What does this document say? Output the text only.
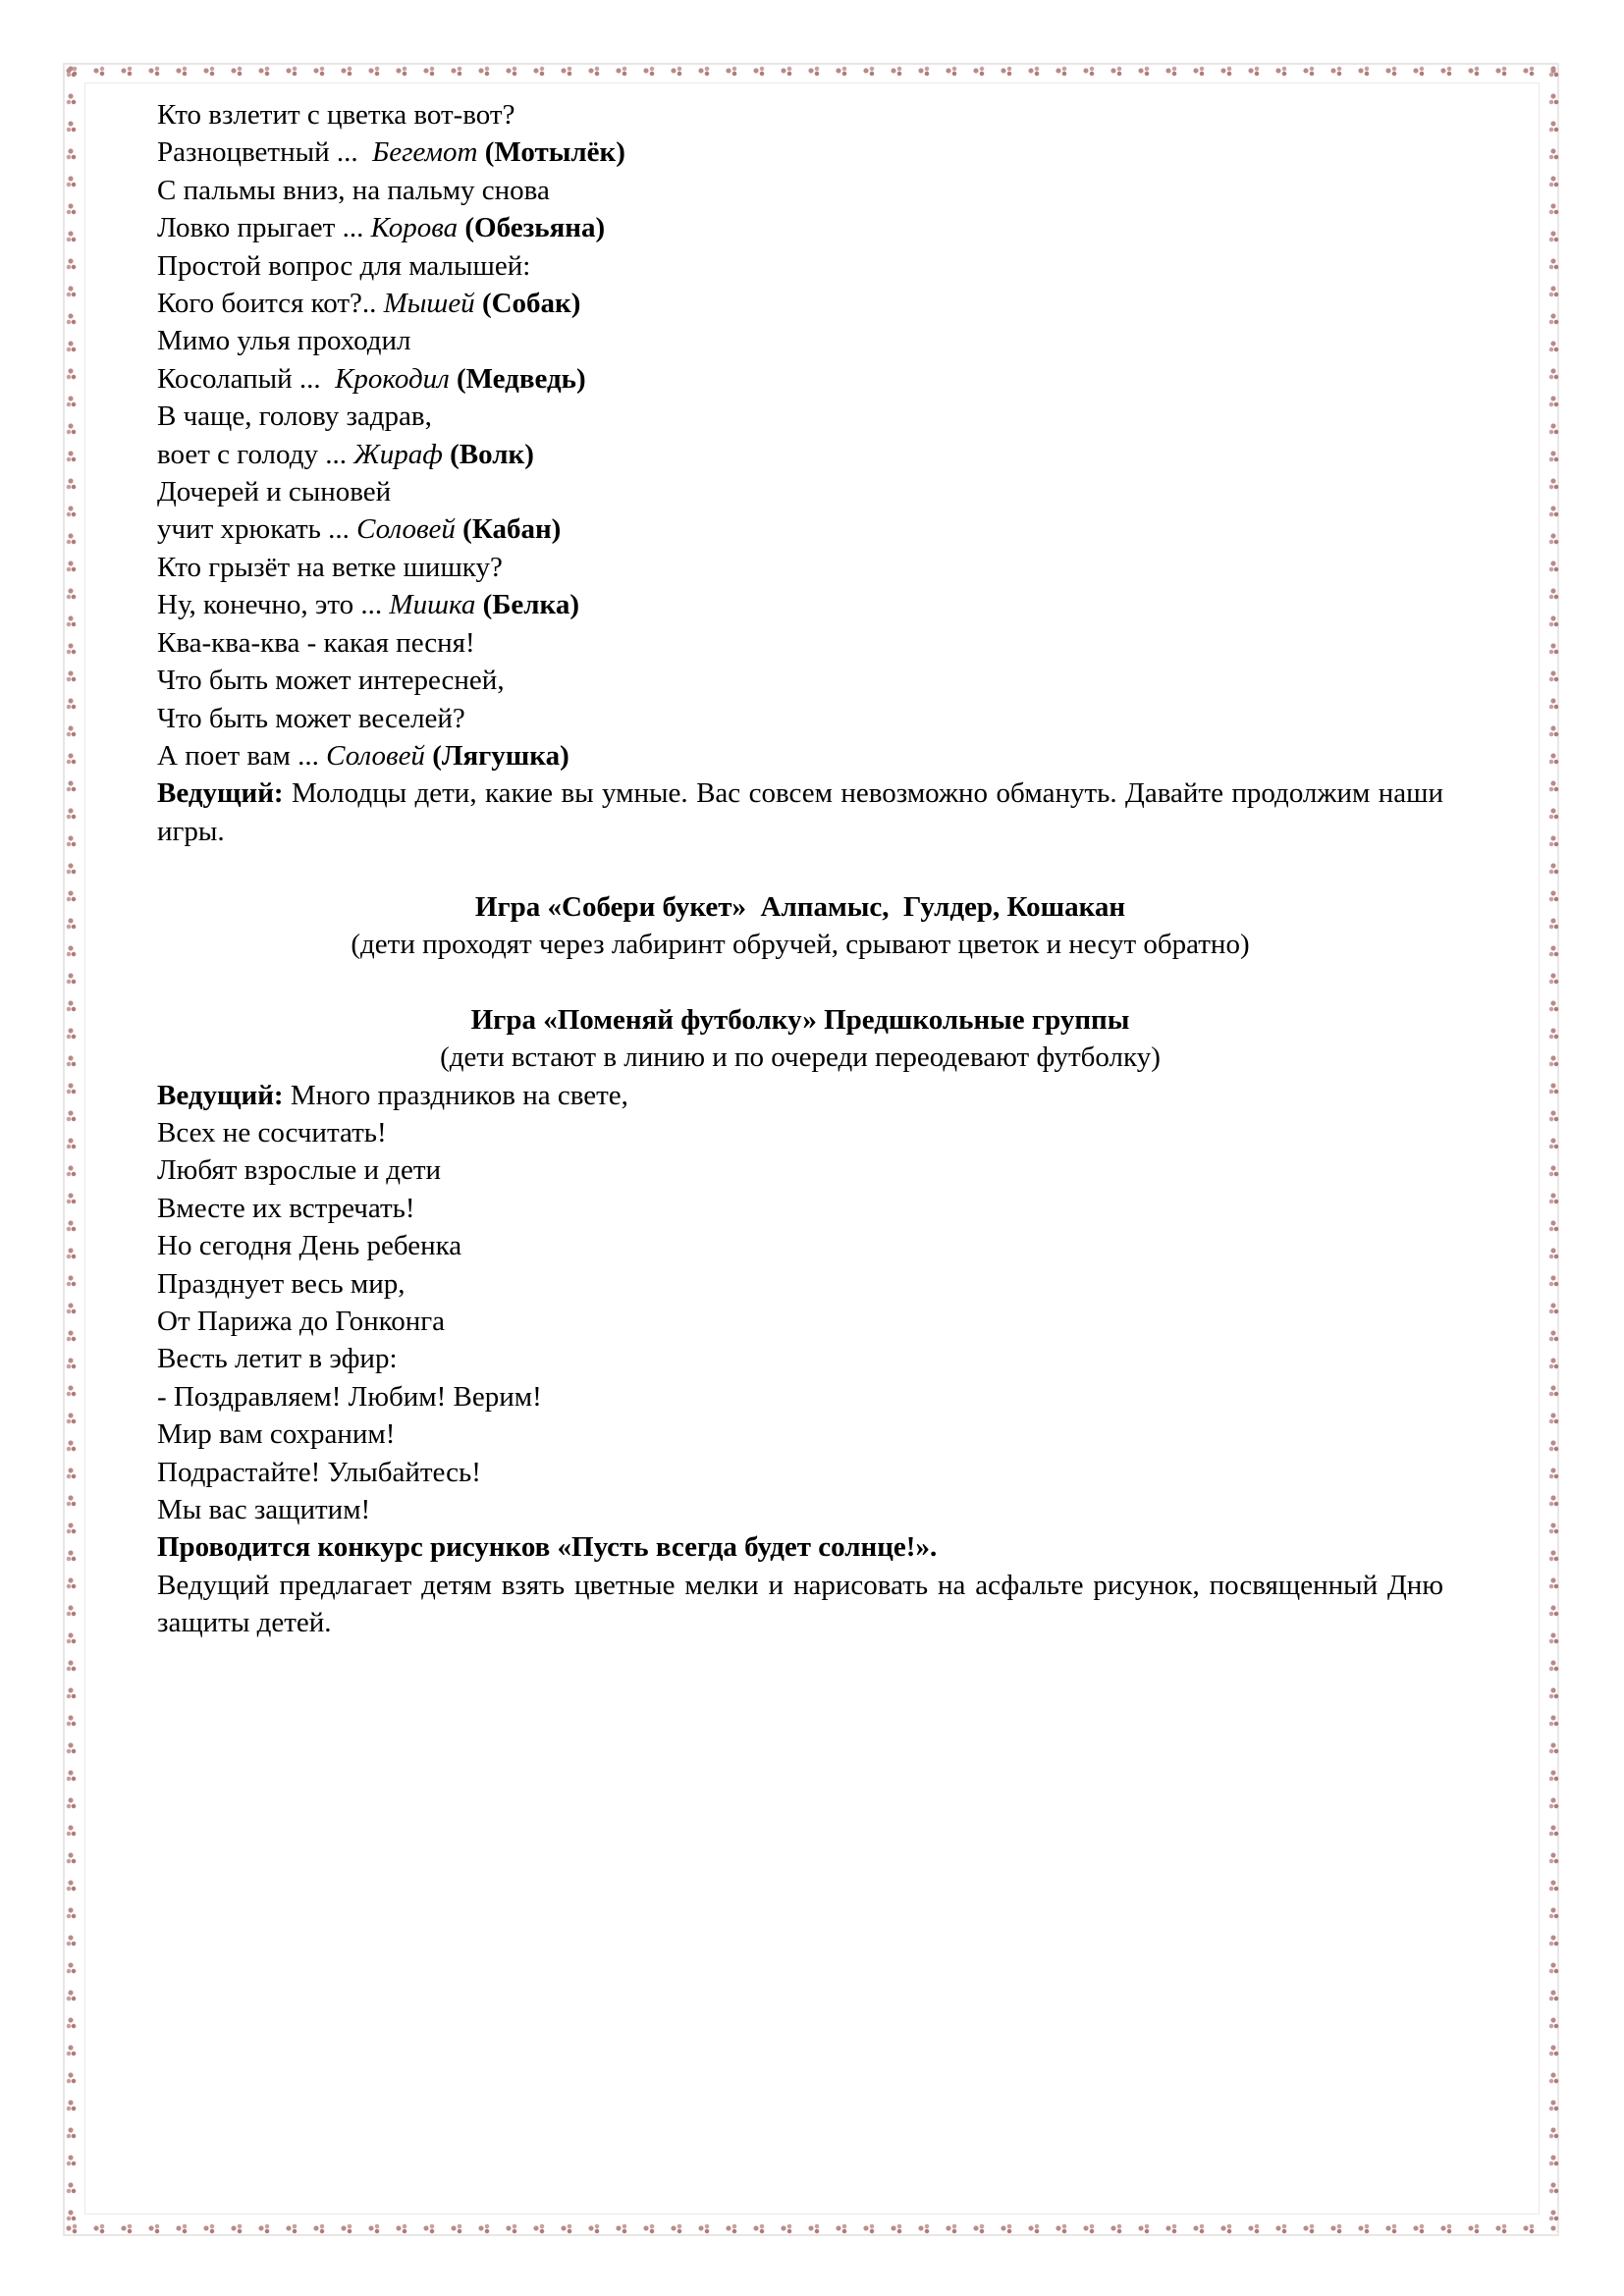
Кто взлетит с цветка вот-вот?

Разноцветный ...  Бегемот (Мотылёк)

С пальмы вниз, на пальму снова

Ловко прыгает ... Корова (Обезьяна)

Простой вопрос для малышей:

Кого боится кот?.. Мышей (Собак)

Мимо улья проходил

Косолапый ...  Крокодил (Медведь)

В чаще, голову задрав,

воет с голоду ... Жираф (Волк)

Дочерей и сыновей

учит хрюкать ... Соловей (Кабан)

Кто грызёт на ветке шишку?

Ну, конечно, это ... Мишка (Белка)

Ква-ква-ква - какая песня!

Что быть может интересней,

Что быть может веселей?

А поет вам ... Соловей (Лягушка)

Ведущий: Молодцы дети, какие вы умные. Вас совсем невозможно обмануть. Давайте продолжим наши игры.

Игра «Собери букет»  Алпамыс,  Гулдер, Кошакан

(дети проходят через лабиринт обручей, срывают цветок и несут обратно)

Игра «Поменяй футболку» Предшкольные группы

(дети встают в линию и по очереди переодевают футболку)

Ведущий: Много праздников на свете,

Всех не сосчитать!

Любят взрослые и дети

Вместе их встречать!

Но сегодня День ребенка

Празднует весь мир,

От Парижа до Гонконга

Весть летит в эфир:

- Поздравляем! Любим! Верим!

Мир вам сохраним!

Подрастайте! Улыбайтесь!

Мы вас защитим!

Проводится конкурс рисунков «Пусть всегда будет солнце!».

Ведущий предлагает детям взять цветные мелки и нарисовать на асфальте рисунок, посвященный Дню защиты детей.
